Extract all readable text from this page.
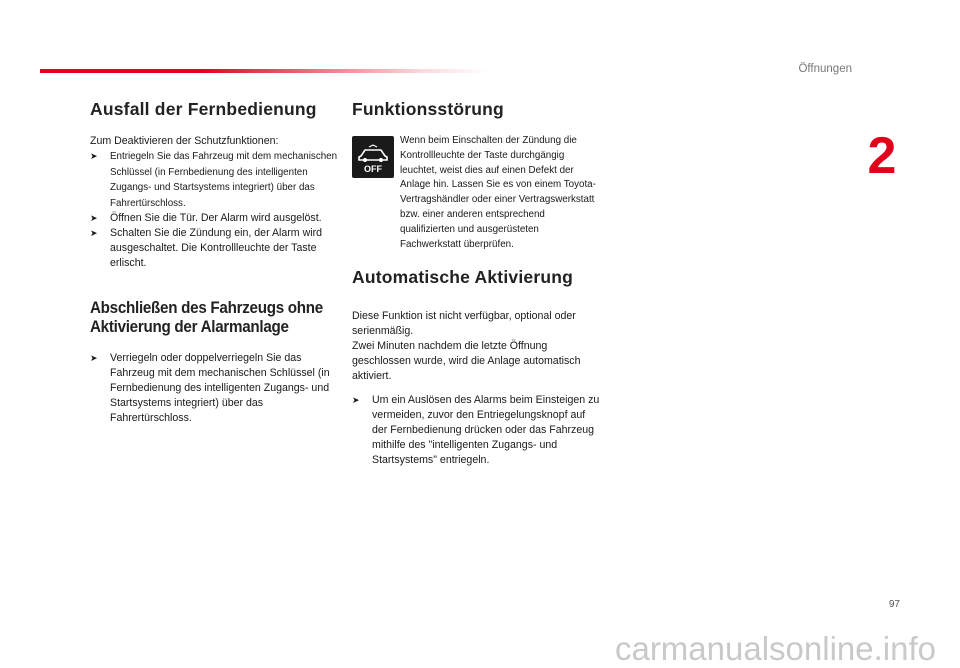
Öffnungen
2
Ausfall der Fernbedienung

Zum Deaktivieren der Schutzfunktionen:

➤ Entriegeln Sie das Fahrzeug mit dem mechanischen Schlüssel (in Fernbedienung des intelligenten Zugangs- und Startsystems integriert) über das Fahrertürschloss.
➤ Öffnen Sie die Tür. Der Alarm wird ausgelöst.
➤ Schalten Sie die Zündung ein, der Alarm wird ausgeschaltet. Die Kontrollleuchte der Taste erlischt.
Abschließen des Fahrzeugs ohne
Aktivierung der Alarmanlage
➤ Verriegeln oder doppelverriegeln Sie das Fahrzeug mit dem mechanischen Schlüssel (in Fernbedienung des intelligenten Zugangs- und Startsystems integriert) über das Fahrertürschloss.
Funktionsstörung
OFF
Wenn beim Einschalten der Zündung die Kontrollleuchte der Taste durchgängig leuchtet, weist dies auf einen Defekt der Anlage hin. Lassen Sie es von einem Toyota-Vertragshändler oder einer Vertragswerkstatt bzw. einer anderen entsprechend qualifizierten und ausgerüsteten Fachwerkstatt überprüfen.
Automatische Aktivierung

Diese Funktion ist nicht verfügbar, optional oder serienmäßig.

Zwei Minuten nachdem die letzte Öffnung geschlossen wurde, wird die Anlage automatisch aktiviert.

➤ Um ein Auslösen des Alarms beim Einsteigen zu vermeiden, zuvor den Entriegelungsknopf auf der Fernbedienung drücken oder das Fahrzeug mithilfe des "intelligenten Zugangs- und Startsystems" entriegeln.
97
carmanualsonline.info
